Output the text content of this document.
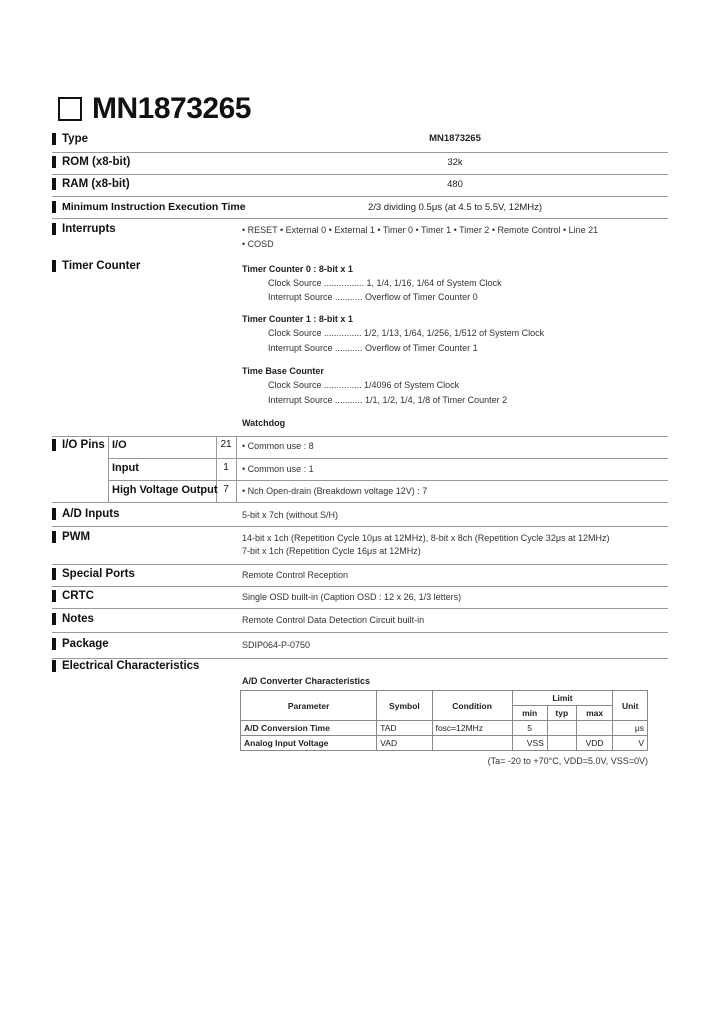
MN1873265
Type	MN1873265
ROM (x8-bit)	32k
RAM (x8-bit)	480
Minimum Instruction Execution Time	2/3 dividing 0.5μs (at 4.5 to 5.5V, 12MHz)
Interrupts	• RESET • External 0 • External 1 • Timer 0 • Timer 1 • Timer 2 • Remote Control • Line 21
• COSD
Timer Counter	Timer Counter 0 : 8-bit x 1
Clock Source ................ 1, 1/4, 1/16, 1/64 of System Clock
Interrupt Source ........... Overflow of Timer Counter 0
Timer Counter 1 : 8-bit x 1
Clock Source ............... 1/2, 1/13, 1/64, 1/256, 1/512 of System Clock
Interrupt Source ........... Overflow of Timer Counter 1
Time Base Counter
Clock Source ............... 1/4096 of System Clock
Interrupt Source ........... 1/1, 1/2, 1/4, 1/8 of Timer Counter 2
Watchdog
I/O Pins I/O	21	• Common use : 8
Input	1	• Common use : 1
High Voltage Output 7	• Nch Open-drain (Breakdown voltage 12V) : 7
A/D Inputs	5-bit x 7ch (without S/H)
PWM	14-bit x 1ch (Repetition Cycle 10μs at 12MHz), 8-bit x 8ch (Repetition Cycle 32μs at 12MHz)
7-bit x 1ch (Repetition Cycle 16μs at 12MHz)
Special Ports	Remote Control Reception
CRTC	Single OSD built-in (Caption OSD : 12 x 26, 1/3 letters)
Notes	Remote Control Data Detection Circuit built-in
Package	SDIP064-P-0750
Electrical Characteristics
A/D Converter Characteristics
Parameter	Symbol	Condition	Limit			Unit
			min	typ	max	
A/D Conversion Time	TAD	fosc=12MHz	5			μs
Analog Input Voltage	VAD		VSS		VDD	V
(Ta= -20 to +70°C, VDD=5.0V, VSS=0V)
